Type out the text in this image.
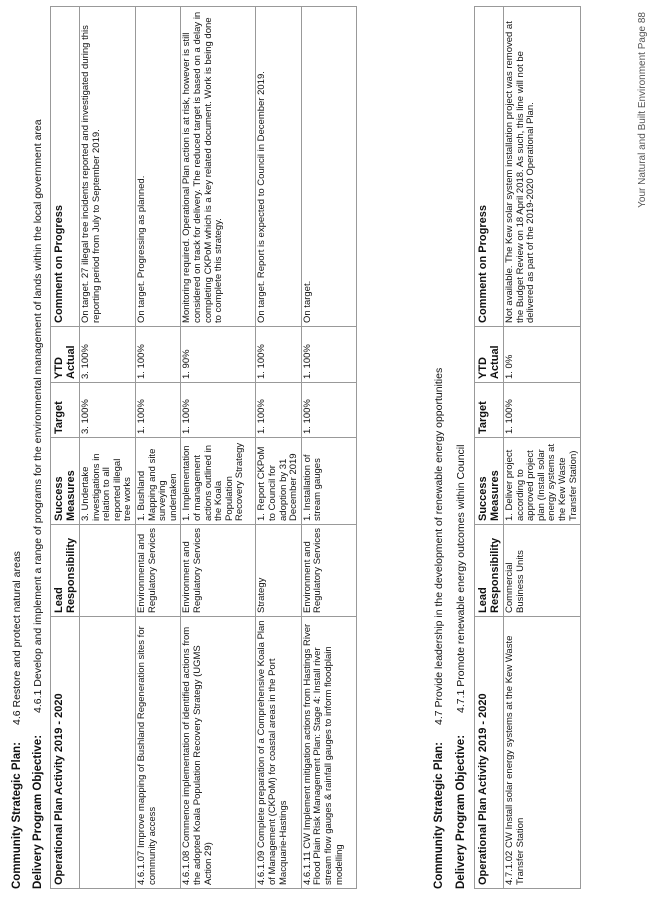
Community Strategic Plan:4.6 Restore and protect natural areas
Delivery Program Objective:4.6.1 Develop and implement a range of programs for the environmental management of lands within the local government area
Operational Plan Activity 2019 - 2020	Lead Responsibility	Success Measures	Target	YTD Actual	Comment on Progress
		3. Undertake investigations in relation to all reported illegal tree works	3. 100%	3. 100%	On target. 27 illegal tree incidents reported and investigated during this reporting period from July to September 2019.
4.6.1.07 Improve mapping of Bushland Regeneration sites for community access	Environmental and Regulatory Services	1. Bushland Mapping and site surveying undertaken	1. 100%	1. 100%	On target. Progressing as planned.
4.6.1.08 Commence implementation of identified actions from the adopted Koala Population Recovery Strategy (UGMS Action 29)	Environment and Regulatory Services	1. Implementation of management actions outlined in the Koala Population Recovery Strategy	1. 100%	1. 90%	Monitoring required. Operational Plan action is at risk, however is still considered on track for delivery. The reduced target is based on a delay in completing CKPoM which is a key related document. Work is being done to complete this strategy.
4.6.1.09 Complete preparation of a Comprehensive Koala Plan of Management (CKPoM) for coastal areas in the Port Macquarie-Hastings	Strategy	1. Report CKPoM to Council for adoption by 31 December 2019	1. 100%	1. 100%	On target. Report is expected to Council in December 2019.
4.6.1.11 CW Implement mitigation actions from Hastings River Flood Plain Risk Management Plan: Stage 4: Install river stream flow gauges & rainfall gauges to inform floodplain modelling	Environment and Regulatory Services	1. Installation of stream gauges	1. 100%	1. 100%	On target.
Community Strategic Plan:4.7 Provide leadership in the development of renewable energy opportunities
Delivery Program Objective:4.7.1 Promote renewable energy outcomes within Council
Operational Plan Activity 2019 - 2020	Lead Responsibility	Success Measures	Target	YTD Actual	Comment on Progress
4.7.1.02 CW Install solar energy systems at the Kew Waste Transfer Station	Commercial Business Units	1. Deliver project according to approved project plan (Install solar energy systems at the Kew Waste Transfer Station)	1. 100%	1. 0%	Not available. The Kew solar system installation project was removed at the Budget Review on 18 April 2018. As such, this line will not be delivered as part of the 2019-2020 Operational Plan.	Your Natural and Built Environment Page 88
